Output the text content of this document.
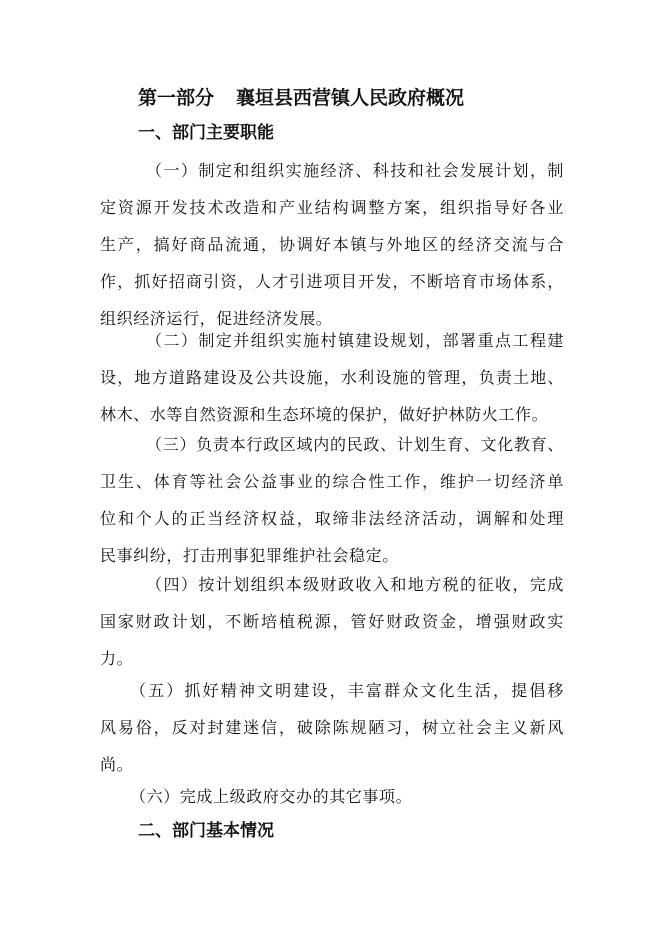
第一部分 襄垣县西营镇人民政府概况
一、部门主要职能
（一）制定和组织实施经济、科技和社会发展计划，制
定资源开发技术改造和产业结构调整方案，组织指导好各业
生产，搞好商品流通，协调好本镇与外地区的经济交流与合
作，抓好招商引资，人才引进项目开发，不断培育市场体系，
组织经济运行，促进经济发展。
（二）制定并组织实施村镇建设规划，部署重点工程建
设，地方道路建设及公共设施，水利设施的管理，负责土地、
林木、水等自然资源和生态环境的保护，做好护林防火工作。
（三）负责本行政区域内的民政、计划生育、文化教育、
卫生、体育等社会公益事业的综合性工作，维护一切经济单
位和个人的正当经济权益，取缔非法经济活动，调解和处理
民事纠纷，打击刑事犯罪维护社会稳定。
（四）按计划组织本级财政收入和地方税的征收，完成
国家财政计划，不断培植税源，管好财政资金，增强财政实
力。
（五）抓好精神文明建设，丰富群众文化生活，提倡移
风易俗，反对封建迷信，破除陈规陋习，树立社会主义新风
尚。
（六）完成上级政府交办的其它事项。
二、部门基本情况
